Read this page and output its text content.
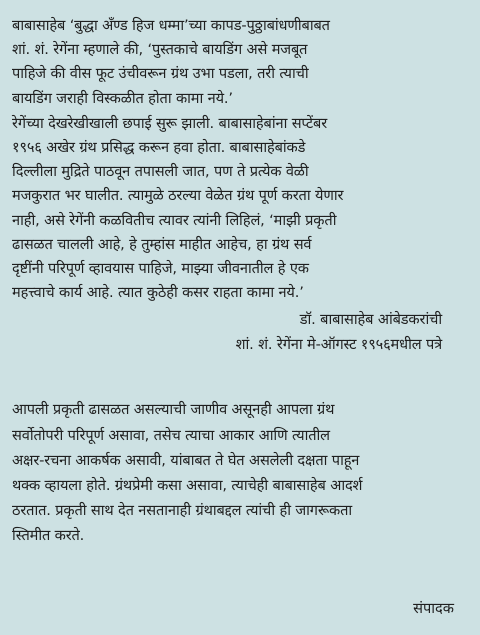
बाबासाहेब ‘बुद्धा अँण्ड हिज धम्मा’च्या कापड-पुठ्ठाबांधणीबाबत
शां. शं. रेगेंना म्हणाले की, ‘पुस्तकाचे बायडिंग असे मजबूत
पाहिजे की वीस फूट उंचीवरून ग्रंथ उभा पडला, तरी त्याची
बायडिंग जराही विस्कळीत होता कामा नये.’
रेगेंच्या देखरेखीखाली छपाई सुरू झाली. बाबासाहेबांना सप्टेंबर
१९५६ अखेर ग्रंथ प्रसिद्ध करून हवा होता. बाबासाहेबांकडे
दिल्लीला मुद्रिते पाठवून तपासली जात, पण ते प्रत्येक वेळी
मजकुरात भर घालीत. त्यामुळे ठरल्या वेळेत ग्रंथ पूर्ण करता येणार
नाही, असे रेगेंनी कळवितीच त्यावर त्यांनी लिहिलं, ‘माझी प्रकृती
ढासळत चालली आहे, हे तुम्हांस माहीत आहेच, हा ग्रंथ सर्व
दृष्टींनी परिपूर्ण व्हावयास पाहिजे, माझ्या जीवनातील हे एक
महत्त्वाचे कार्य आहे. त्यात कुठेही कसर राहता कामा नये.’
डॉ. बाबासाहेब आंबेडकरांची
शां. शं. रेगेंना मे-ऑगस्ट १९५६मधील पत्रे
आपली प्रकृती ढासळत असल्याची जाणीव असूनही आपला ग्रंथ
सर्वोतोपरी परिपूर्ण असावा, तसेच त्याचा आकार आणि त्यातील
अक्षर-रचना आकर्षक असावी, यांबाबत ते घेत असलेली दक्षता पाहून
थक्क व्हायला होते. ग्रंथप्रेमी कसा असावा, त्याचेही बाबासाहेब आदर्श
ठरतात. प्रकृती साथ देत नसतानाही ग्रंथाबद्दल त्यांची ही जागरूकता
स्तिमीत करते.
संपादक
